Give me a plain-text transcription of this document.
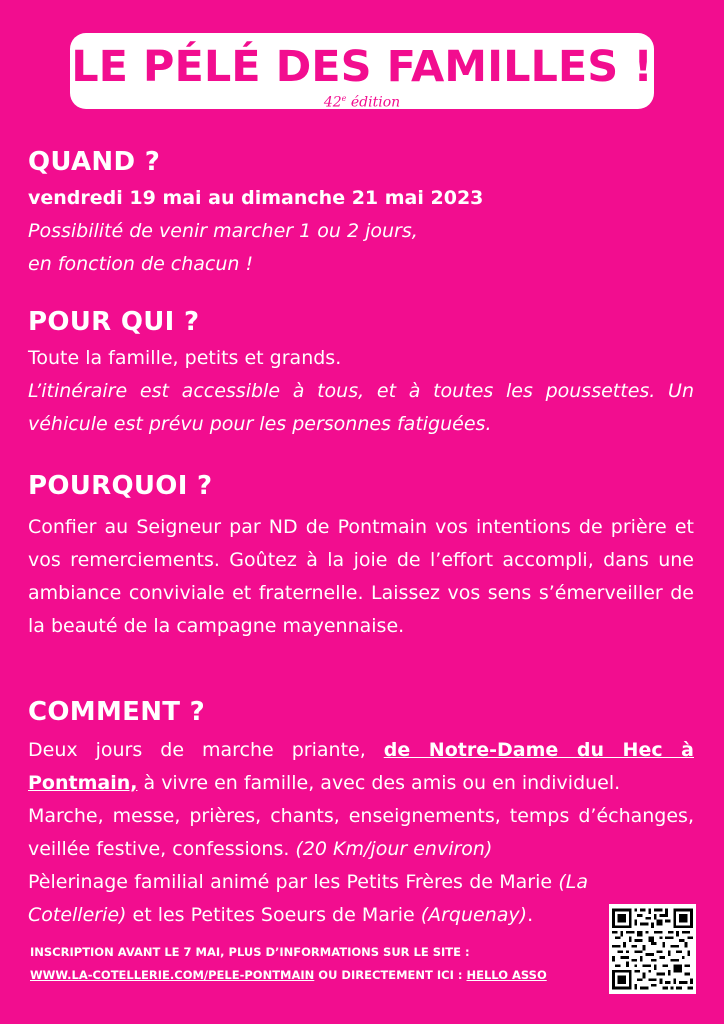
LE PÉLÉ DES FAMILLES !
42e édition

QUAND ?

vendredi 19 mai au dimanche 21 mai 2023

Possibilité de venir marcher 1 ou 2 jours,

en fonction de chacun !

POUR QUI ?

Toute la famille, petits et grands.

L’itinéraire est accessible à tous, et à toutes les poussettes. Un véhicule est prévu pour les personnes fatiguées.

POURQUOI ?

Confier au Seigneur par ND de Pontmain vos intentions de prière et vos remerciements. Goûtez à la joie de l’effort accompli, dans une ambiance conviviale et fraternelle. Laissez vos sens s’émerveiller de la beauté de la campagne mayennaise.

COMMENT ?

Deux jours de marche priante, de Notre-Dame du Hec à Pontmain, à vivre en famille, avec des amis ou en individuel.

Marche, messe, prières, chants, enseignements, temps d’échanges, veillée festive, confessions. (20 Km/jour environ)

Pèlerinage familial animé par les Petits Frères de Marie (La Cotellerie) et les Petites Soeurs de Marie (Arquenay).

INSCRIPTION AVANT LE 7 MAI, PLUS D’INFORMATIONS SUR LE SITE :
WWW.LA-COTELLERIE.COM/PELE-PONTMAIN OU DIRECTEMENT ICI : HELLO ASSO
